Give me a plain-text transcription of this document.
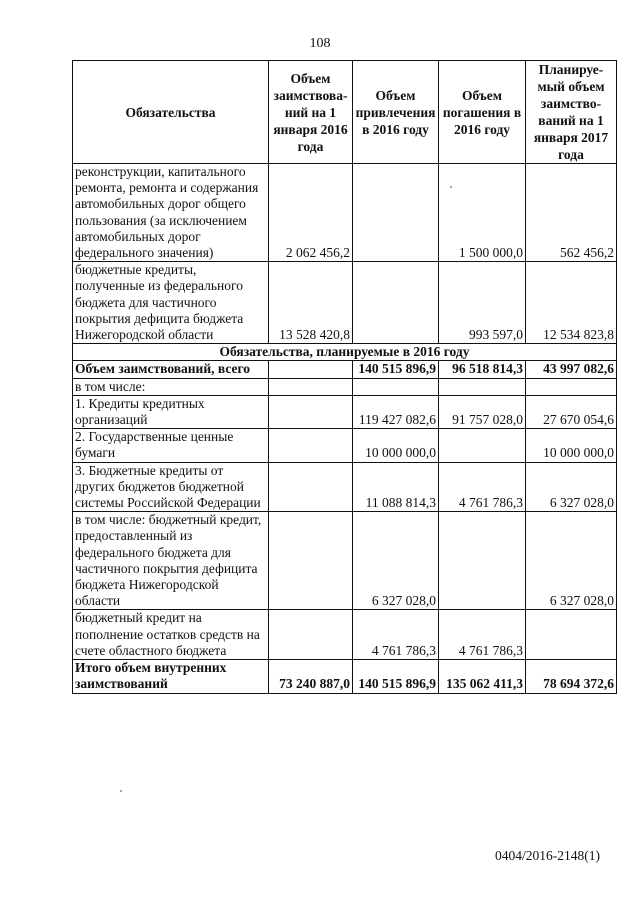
108
Обязательства	Объем заимствова-ний на 1 января 2016 года	Объем привлечения в 2016 году	Объем погашения в 2016 году	Планируе-мый объем заимство-ваний на 1 января 2017 года
реконструкции, капитального ремонта, ремонта и содержания автомобильных дорог общего пользования (за исключением автомобильных дорог федерального значения)	2 062 456,2		1 500 000,0	562 456,2
бюджетные кредиты, полученные из федерального бюджета для частичного покрытия дефицита бюджета Нижегородской области	13 528 420,8		993 597,0	12 534 823,8
Обязательства, планируемые в 2016 году				
Объем заимствований, всего		140 515 896,9	96 518 814,3	43 997 082,6
в том числе:				
1. Кредиты кредитных организаций		119 427 082,6	91 757 028,0	27 670 054,6
2. Государственные ценные бумаги		10 000 000,0		10 000 000,0
3. Бюджетные кредиты от других бюджетов бюджетной системы Российской Федерации		11 088 814,3	4 761 786,3	6 327 028,0
в том числе: бюджетный кредит, предоставленный из федерального бюджета для частичного покрытия дефицита бюджета Нижегородской области		6 327 028,0		6 327 028,0
бюджетный кредит на пополнение остатков средств на счете областного бюджета		4 761 786,3	4 761 786,3	
Итого объем внутренних заимствований	73 240 887,0	140 515 896,9	135 062 411,3	78 694 372,6
0404/2016-2148(1)
